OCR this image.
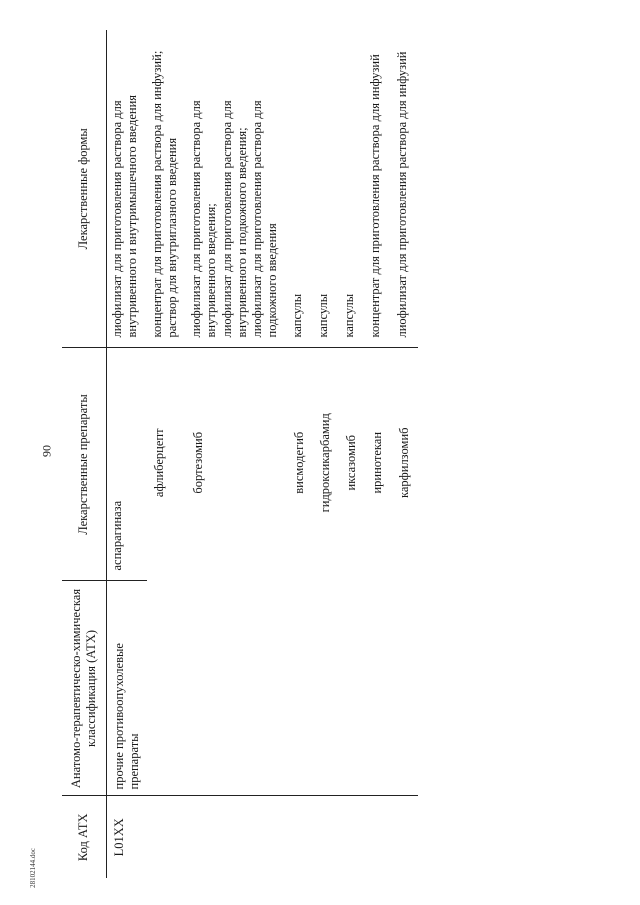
90
Код АТХ	Анатомо-терапевтическо-химическая классификация (АТХ)	Лекарственные препараты	Лекарственные формы
L01XX	прочие противоопухолевые препараты	аспарагиназа	лиофилизат для приготовления раствора для внутривенного и внутримышечного введения

		афлиберцепт	концентрат для приготовления раствора для инфузий; раствор для внутриглазного введения

		бортезомиб	лиофилизат для приготовления раствора для внутривенного введения; лиофилизат для приготовления раствора для внутривенного и подкожного введения; лиофилизат для приготовления раствора для подкожного введения

		висмодегиб	капсулы

		гидроксикарбамид	капсулы

		иксазомиб	капсулы

		иринотекан	концентрат для приготовления раствора для инфузий

		карфилзомиб	лиофилизат для приготовления раствора для инфузий
28102144.doc
